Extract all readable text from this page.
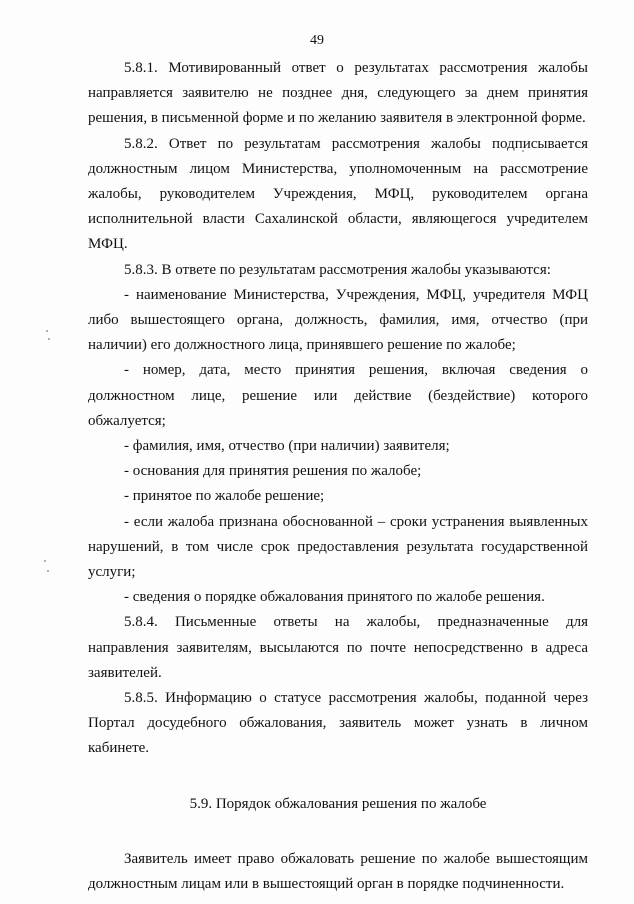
49

5.8.1. Мотивированный ответ о результатах рассмотрения жалобы направляется заявителю не позднее дня, следующего за днем принятия решения, в письменной форме и по желанию заявителя в электронной форме.

5.8.2. Ответ по результатам рассмотрения жалобы подписывается должностным лицом Министерства, уполномоченным на рассмотрение жалобы, руководителем Учреждения, МФЦ, руководителем органа исполнительной власти Сахалинской области, являющегося учредителем МФЦ.

5.8.3. В ответе по результатам рассмотрения жалобы указываются:

- наименование Министерства, Учреждения, МФЦ, учредителя МФЦ либо вышестоящего органа, должность, фамилия, имя, отчество (при наличии) его должностного лица, принявшего решение по жалобе;

- номер, дата, место принятия решения, включая сведения о должностном лице, решение или действие (бездействие) которого обжалуется;

- фамилия, имя, отчество (при наличии) заявителя;

- основания для принятия решения по жалобе;

- принятое по жалобе решение;

- если жалоба признана обоснованной – сроки устранения выявленных нарушений, в том числе срок предоставления результата государственной услуги;

- сведения о порядке обжалования принятого по жалобе решения.

5.8.4. Письменные ответы на жалобы, предназначенные для направления заявителям, высылаются по почте непосредственно в адреса заявителей.

5.8.5. Информацию о статусе рассмотрения жалобы, поданной через Портал досудебного обжалования, заявитель может узнать в личном кабинете.

5.9. Порядок обжалования решения по жалобе

Заявитель имеет право обжаловать решение по жалобе вышестоящим должностным лицам или в вышестоящий орган в порядке подчиненности.
